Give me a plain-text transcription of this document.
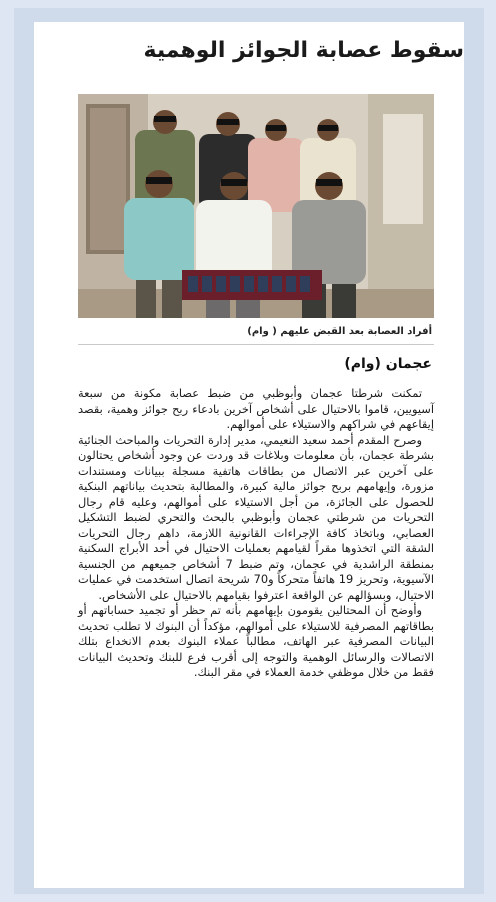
سقوط عصابة الجوائز الوهمية
أفراد العصابة بعد القبض عليهم ( وام)
عجمان (وام)

تمكنت شرطتا عجمان وأبوظبي من ضبط عصابة مكونة من سبعة آسيويين، قاموا بالاحتيال على أشخاص آخرين بادعاء ربح جوائز وهمية، بقصد إيقاعهم في شراكهم والاستيلاء على أموالهم.

وصرح المقدم أحمد سعيد النعيمي، مدير إدارة التحريات والمباحث الجنائية بشرطة عجمان، بأن معلومات وبلاغات قد وردت عن وجود أشخاص يحتالون على آخرين عبر الاتصال من بطاقات هاتفية مسجلة ببيانات ومستندات مزورة، وإيهامهم بربح جوائز مالية كبيرة، والمطالبة بتحديث بياناتهم البنكية للحصول على الجائزة، من أجل الاستيلاء على أموالهم، وعليه قام رجال التحريات من شرطتي عجمان وأبوظبي بالبحث والتحري لضبط التشكيل العصابي، وباتخاذ كافة الإجراءات القانونية اللازمة، داهم رجال التحريات الشقة التي اتخذوها مقراً لقيامهم بعمليات الاحتيال في أحد الأبراج السكنية بمنطقة الراشدية في عجمان، وتم ضبط 7 أشخاص جميعهم من الجنسية الآسيوية، وتحريز 19 هاتفاً متحركاً و70 شريحة اتصال استخدمت في عمليات الاحتيال، وبسؤالهم عن الواقعة اعترفوا بقيامهم بالاحتيال على الأشخاص.

وأوضح أن المحتالين يقومون بإيهامهم بأنه تم حظر أو تجميد حساباتهم أو بطاقاتهم المصرفية للاستيلاء على أموالهم، مؤكداً أن البنوك لا تطلب تحديث البيانات المصرفية عبر الهاتف، مطالباً عملاء البنوك بعدم الانخداع بتلك الاتصالات والرسائل الوهمية والتوجه إلى أقرب فرع للبنك وتحديث البيانات فقط من خلال موظفي خدمة العملاء في مقر البنك.
